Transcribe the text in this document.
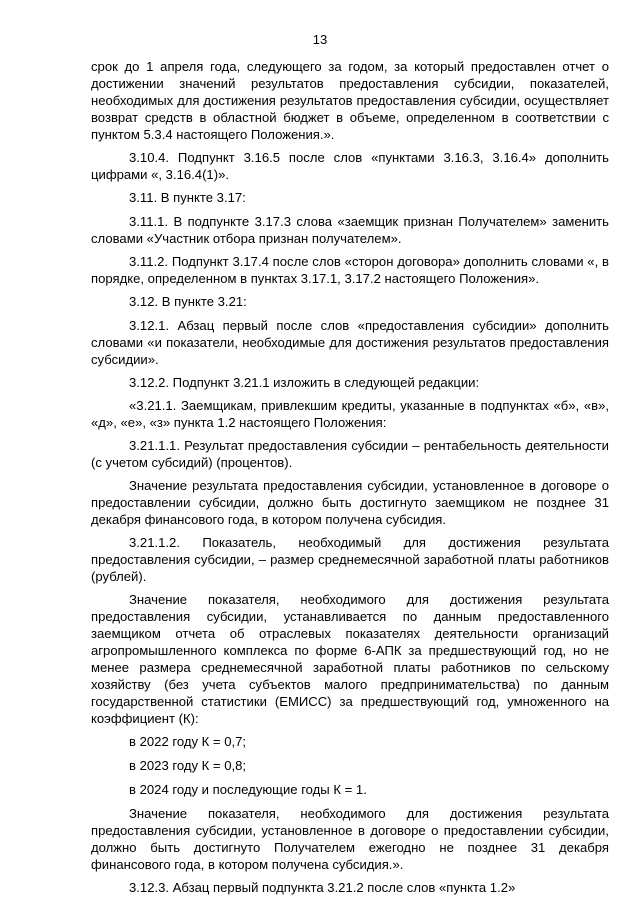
13

срок до 1 апреля года, следующего за годом, за который предоставлен отчет о достижении значений результатов предоставления субсидии, показателей, необходимых для достижения результатов предоставления субсидии, осуществляет возврат средств в областной бюджет в объеме, определенном в соответствии с пунктом 5.3.4 настоящего Положения.».

3.10.4. Подпункт 3.16.5 после слов «пунктами 3.16.3, 3.16.4» дополнить цифрами «, 3.16.4(1)».

3.11. В пункте 3.17:

3.11.1. В подпункте 3.17.3 слова «заемщик признан Получателем» заменить словами «Участник отбора признан получателем».

3.11.2. Подпункт 3.17.4 после слов «сторон договора» дополнить словами «, в порядке, определенном в пунктах 3.17.1, 3.17.2 настоящего Положения».

3.12. В пункте 3.21:

3.12.1. Абзац первый после слов «предоставления субсидии» дополнить словами «и показатели, необходимые для достижения результатов предоставления субсидии».

3.12.2. Подпункт 3.21.1 изложить в следующей редакции:

«3.21.1. Заемщикам, привлекшим кредиты, указанные в подпунктах «б», «в», «д», «е», «з» пункта 1.2 настоящего Положения:

3.21.1.1. Результат предоставления субсидии – рентабельность деятельности (с учетом субсидий) (процентов).

Значение результата предоставления субсидии, установленное в договоре о предоставлении субсидии, должно быть достигнуто заемщиком не позднее 31 декабря финансового года, в котором получена субсидия.

3.21.1.2. Показатель, необходимый для достижения результата предоставления субсидии, – размер среднемесячной заработной платы работников (рублей).

Значение показателя, необходимого для достижения результата предоставления субсидии, устанавливается по данным предоставленного заемщиком отчета об отраслевых показателях деятельности организаций агропромышленного комплекса по форме 6-АПК за предшествующий год, но не менее размера среднемесячной заработной платы работников по сельскому хозяйству (без учета субъектов малого предпринимательства) по данным государственной статистики (ЕМИСС) за предшествующий год, умноженного на коэффициент (К):

в 2022 году К = 0,7;

в 2023 году К = 0,8;

в 2024 году и последующие годы К = 1.

Значение показателя, необходимого для достижения результата предоставления субсидии, установленное в договоре о предоставлении субсидии, должно быть достигнуто Получателем ежегодно не позднее 31 декабря финансового года, в котором получена субсидия.».

3.12.3. Абзац первый подпункта 3.21.2 после слов «пункта 1.2»
